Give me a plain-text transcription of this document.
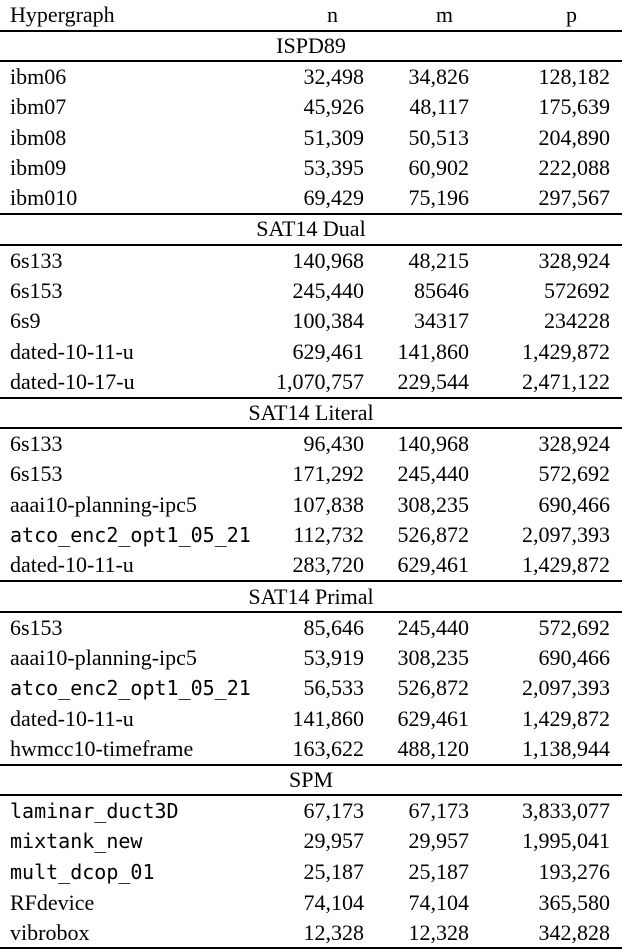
Hypergraph	n	m	p
ISPD89			
ibm06	32,498	34,826	128,182
ibm07	45,926	48,117	175,639
ibm08	51,309	50,513	204,890
ibm09	53,395	60,902	222,088
ibm010	69,429	75,196	297,567
SAT14 Dual			
6s133	140,968	48,215	328,924
6s153	245,440	85646	572692
6s9	100,384	34317	234228
dated-10-11-u	629,461	141,860	1,429,872
dated-10-17-u	1,070,757	229,544	2,471,122
SAT14 Literal			
6s133	96,430	140,968	328,924
6s153	171,292	245,440	572,692
aaai10-planning-ipc5	107,838	308,235	690,466
atco_enc2_opt1_05_21	112,732	526,872	2,097,393
dated-10-11-u	283,720	629,461	1,429,872
SAT14 Primal			
6s153	85,646	245,440	572,692
aaai10-planning-ipc5	53,919	308,235	690,466
atco_enc2_opt1_05_21	56,533	526,872	2,097,393
dated-10-11-u	141,860	629,461	1,429,872
hwmcc10-timeframe	163,622	488,120	1,138,944
SPM			
laminar_duct3D	67,173	67,173	3,833,077
mixtank_new	29,957	29,957	1,995,041
mult_dcop_01	25,187	25,187	193,276
RFdevice	74,104	74,104	365,580
vibrobox	12,328	12,328	342,828
